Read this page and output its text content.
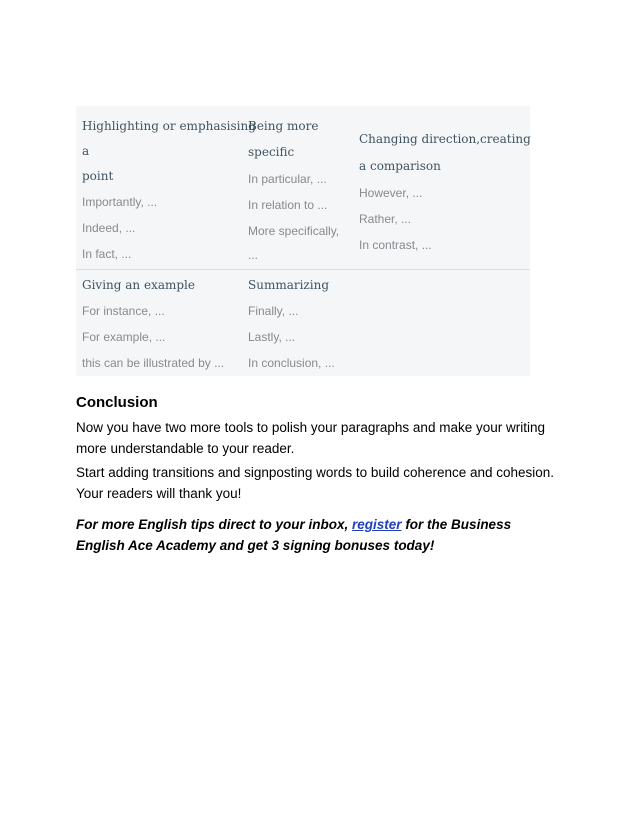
Highlighting or emphasising
a
point
Importantly, ...
Indeed, ...
In fact, ...
Giving an example
For instance, ...
For example, ...
this can be illustrated by ...
Being more
specific
In particular, ...
In relation to ...
More specifically,
...
Summarizing
Finally, ...
Lastly, ...
In conclusion, ...
Changing direction,creating
a comparison
However, ...
Rather, ...
In contrast, ...
Conclusion

Now you have two more tools to polish your paragraphs and make your writing more understandable to your reader.

Start adding transitions and signposting words to build coherence and cohesion. Your readers will thank you!

For more English tips direct to your inbox, register for the Business English Ace Academy and get 3 signing bonuses today!
